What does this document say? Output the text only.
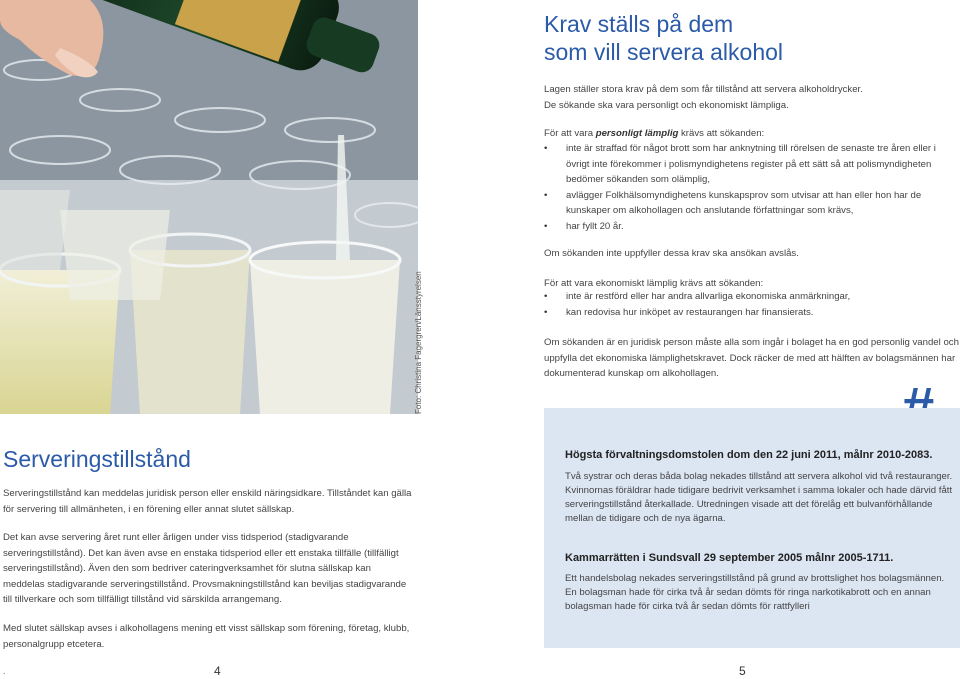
Foto: Christina Fagergren/Länsstyrelsen
Krav ställs på dem
som vill servera alkohol
Lagen ställer stora krav på dem som får tillstånd att servera alkoholdrycker.
De sökande ska vara personligt och ekonomiskt lämpliga.
För att vara personligt lämplig krävs att sökanden:
• inte är straffad för något brott som har anknytning till rörelsen de senaste tre åren eller i övrigt inte förekommer i polismyndighetens register på ett sätt så att polismyndigheten bedömer sökanden som olämplig,
• avlägger Folkhälsomyndighetens kunskapsprov som utvisar att han eller hon har de kunskaper om alkohollagen och anslutande författningar som krävs,
• har fyllt 20 år.
Om sökanden inte uppfyller dessa krav ska ansökan avslås.
För att vara ekonomiskt lämplig krävs att sökanden:
• inte är restförd eller har andra allvarliga ekonomiska anmärkningar,
• kan redovisa hur inköpet av restaurangen har finansierats.
Om sökanden är en juridisk person måste alla som ingår i bolaget ha en god personlig vandel och uppfylla det ekonomiska lämplighetskravet. Dock räcker de med att hälften av bolagsmännen har dokumenterad kunskap om alkohollagen.
Högsta förvaltningsdomstolen dom den 22 juni 2011, målnr 2010-2083.
Två systrar och deras båda bolag nekades tillstånd att servera alkohol vid två restauranger. Kvinnornas föräldrar hade tidigare bedrivit verksamhet i samma lokaler och hade därvid fått serveringstillstånd återkallade. Utredningen visade att det förelåg ett bulvanförhållande mellan de tidigare och de nya ägarna.
Kammarrätten i Sundsvall 29 september 2005 målnr 2005-1711.
Ett handelsbolag nekades serveringstillstånd på grund av brottslighet hos bolagsmännen. En bolagsman hade för cirka två år sedan dömts för ringa narkotikabrott och en annan bolagsman hade för cirka två år sedan dömts för rattfylleri
5
Serveringstillstånd
Serveringstillstånd kan meddelas juridisk person eller enskild näringsidkare. Tillståndet kan gälla för servering till allmänheten, i en förening eller annat slutet sällskap.
Det kan avse servering året runt eller årligen under viss tidsperiod (stadigvarande serveringstillstånd). Det kan även avse en enstaka tidsperiod eller ett enstaka tillfälle (tillfälligt serveringstillstånd). Även den som bedriver cateringverksamhet för slutna sällskap kan meddelas stadigvarande serveringstillstånd. Provsmakningstillstånd kan beviljas stadigvarande till tillverkare och som tillfälligt tillstånd vid särskilda arrangemang.
Med slutet sällskap avses i alkohollagens mening ett visst sällskap som förening, företag, klubb, personalgrupp etcetera.
.	4
